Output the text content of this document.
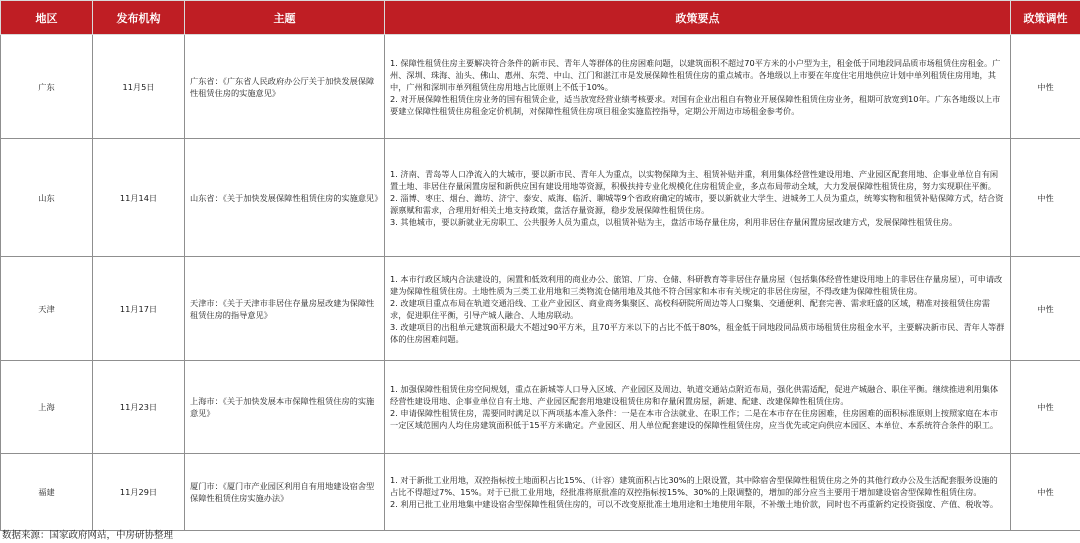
地区	发布机构	主题	政策要点	政策调性
广东	11月5日	广东省：《广东省人民政府办公厅关于加快发展保障性租赁住房的实施意见》	1. 保障性租赁住房主要解决符合条件的新市民、青年人等群体的住房困难问题，以建筑面积不超过70平方米的小户型为主，租金低于同地段同品质市场租赁住房租金。广州、深圳、珠海、汕头、佛山、惠州、东莞、中山、江门和湛江市是发展保障性租赁住房的重点城市。各地级以上市要在年度住宅用地供应计划中单列租赁住房用地，其中，广州和深圳市单列租赁住房用地占比原则上不低于10%。
2. 对开展保障性租赁住房业务的国有租赁企业，适当放宽经营业绩考核要求。对国有企业出租自有物业开展保障性租赁住房业务，租期可放宽到10年。广东各地级以上市要建立保障性租赁住房租金定价机制，对保障性租赁住房项目租金实施监控指导，定期公开周边市场租金参考价。	中性
山东	11月14日	山东省：《关于加快发展保障性租赁住房的实施意见》	1. 济南、青岛等人口净流入的大城市，要以新市民、青年人为重点，以实物保障为主、租赁补贴并重，利用集体经营性建设用地、产业园区配套用地、企事业单位自有闲置土地、非居住存量闲置房屋和新供应国有建设用地等资源，积极扶持专业化规模化住房租赁企业，多点布局带动全域，大力发展保障性租赁住房，努力实现职住平衡。
2. 淄博、枣庄、烟台、潍坊、济宁、泰安、威海、临沂、聊城等9个省政府确定的城市，要以新就业大学生、进城务工人员为重点，统筹实物和租赁补贴保障方式，结合资源禀赋和需求，合理用好相关土地支持政策，盘活存量资源，稳步发展保障性租赁住房。
3. 其他城市，要以新就业无房职工、公共服务人员为重点，以租赁补贴为主，盘活市场存量住房，利用非居住存量闲置房屋改建方式，发展保障性租赁住房。	中性
天津	11月17日	天津市：《关于天津市非居住存量房屋改建为保障性租赁住房的指导意见》	1. 本市行政区域内合法建设的，闲置和低效利用的商业办公、旅馆、厂房、仓储、科研教育等非居住存量房屋（包括集体经营性建设用地上的非居住存量房屋），可申请改建为保障性租赁住房。土地性质为三类工业用地和三类物流仓储用地及其他不符合国家和本市有关规定的非居住房屋，不得改建为保障性租赁住房。
2. 改建项目重点布局在轨道交通沿线、工业产业园区、商业商务集聚区、高校科研院所周边等人口聚集、交通便利、配套完善、需求旺盛的区域，精准对接租赁住房需求，促进职住平衡，引导产城人融合、人地房联动。
3. 改建项目的出租单元建筑面积最大不超过90平方米，且70平方米以下的占比不低于80%，租金低于同地段同品质市场租赁住房租金水平，主要解决新市民、青年人等群体的住房困难问题。	中性
上海	11月23日	上海市：《关于加快发展本市保障性租赁住房的实施意见》	1. 加强保障性租赁住房空间规划，重点在新城等人口导入区域、产业园区及周边、轨道交通站点附近布局，强化供需适配，促进产城融合、职住平衡。继续推进利用集体经营性建设用地、企事业单位自有土地、产业园区配套用地建设租赁住房和存量闲置房屋，新建、配建、改建保障性租赁住房。
2. 申请保障性租赁住房，需要同时满足以下两项基本准入条件：一是在本市合法就业、在职工作；二是在本市存在住房困难，住房困难的面积标准原则上按照家庭在本市一定区域范围内人均住房建筑面积低于15平方米确定。产业园区、用人单位配套建设的保障性租赁住房，应当优先或定向供应本园区、本单位、本系统符合条件的职工。	中性
福建	11月29日	厦门市：《厦门市产业园区利用自有用地建设宿舍型保障性租赁住房实施办法》	1. 对于新批工业用地，双控指标按土地面积占比15%、（计容）建筑面积占比30%的上限设置，其中除宿舍型保障性租赁住房之外的其他行政办公及生活配套服务设施的占比不得超过7%、15%。对于已批工业用地，经批准将原批准的双控指标按15%、30%的上限调整的，增加的部分应当主要用于增加建设宿舍型保障性租赁住房。
2. 利用已批工业用地集中建设宿舍型保障性租赁住房的，可以不改变原批准土地用途和土地使用年限，不补缴土地价款，同时也不再重新约定投资强度、产值、税收等。	中性
数据来源：国家政府网站，中房研协整理
